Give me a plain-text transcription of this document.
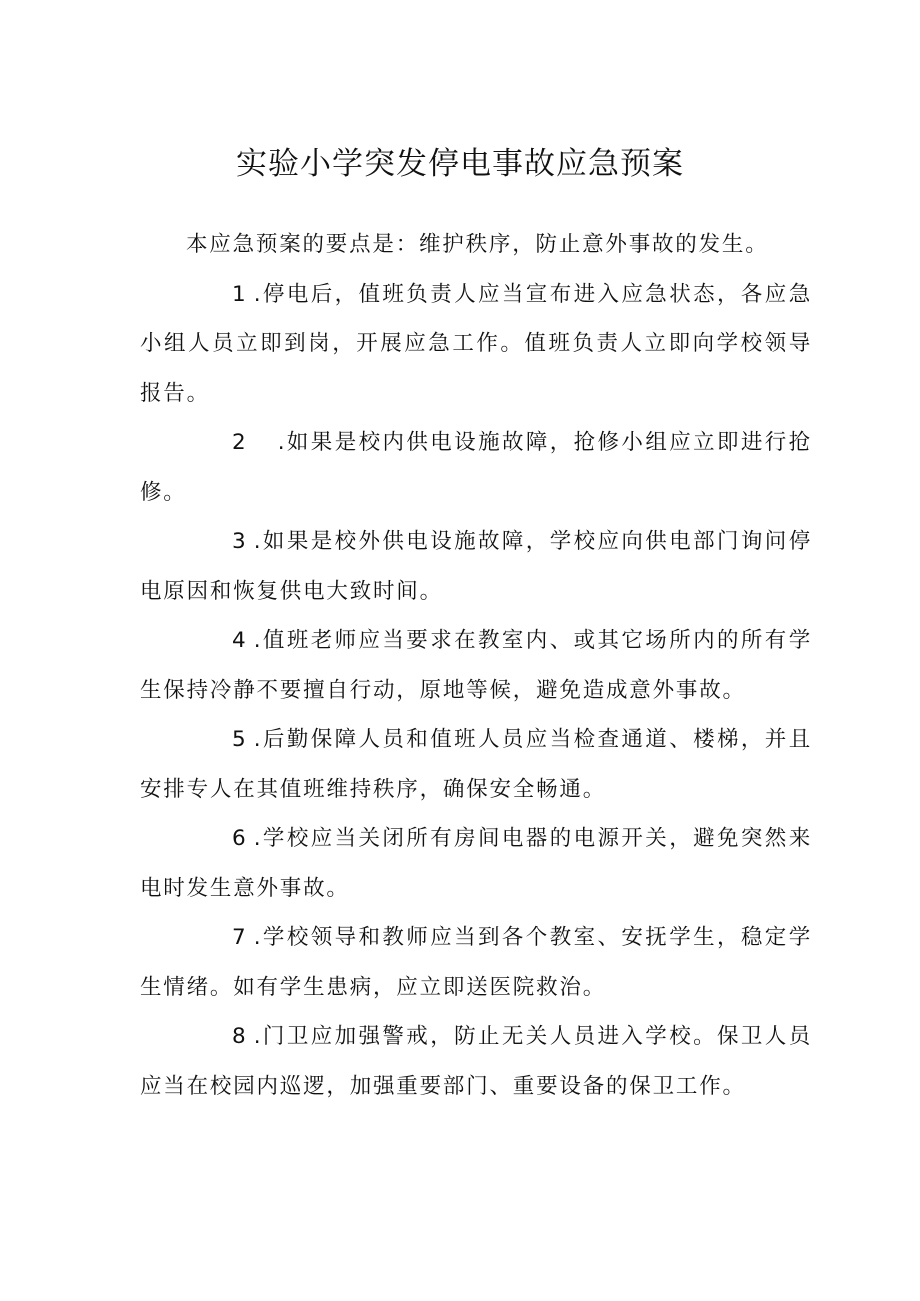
实验小学突发停电事故应急预案

本应急预案的要点是：维护秩序，防止意外事故的发生。

1 .停电后，值班负责人应当宣布进入应急状态，各应急小组人员立即到岗，开展应急工作。值班负责人立即向学校领导报告。

2 .如果是校内供电设施故障，抢修小组应立即进行抢修。

3 .如果是校外供电设施故障，学校应向供电部门询问停电原因和恢复供电大致时间。

4 .值班老师应当要求在教室内、或其它场所内的所有学生保持冷静不要擅自行动，原地等候，避免造成意外事故。

5 .后勤保障人员和值班人员应当检查通道、楼梯，并且安排专人在其值班维持秩序，确保安全畅通。

6 .学校应当关闭所有房间电器的电源开关，避免突然来电时发生意外事故。

7 .学校领导和教师应当到各个教室、安抚学生，稳定学生情绪。如有学生患病，应立即送医院救治。

8 .门卫应加强警戒，防止无关人员进入学校。保卫人员应当在校园内巡逻，加强重要部门、重要设备的保卫工作。
